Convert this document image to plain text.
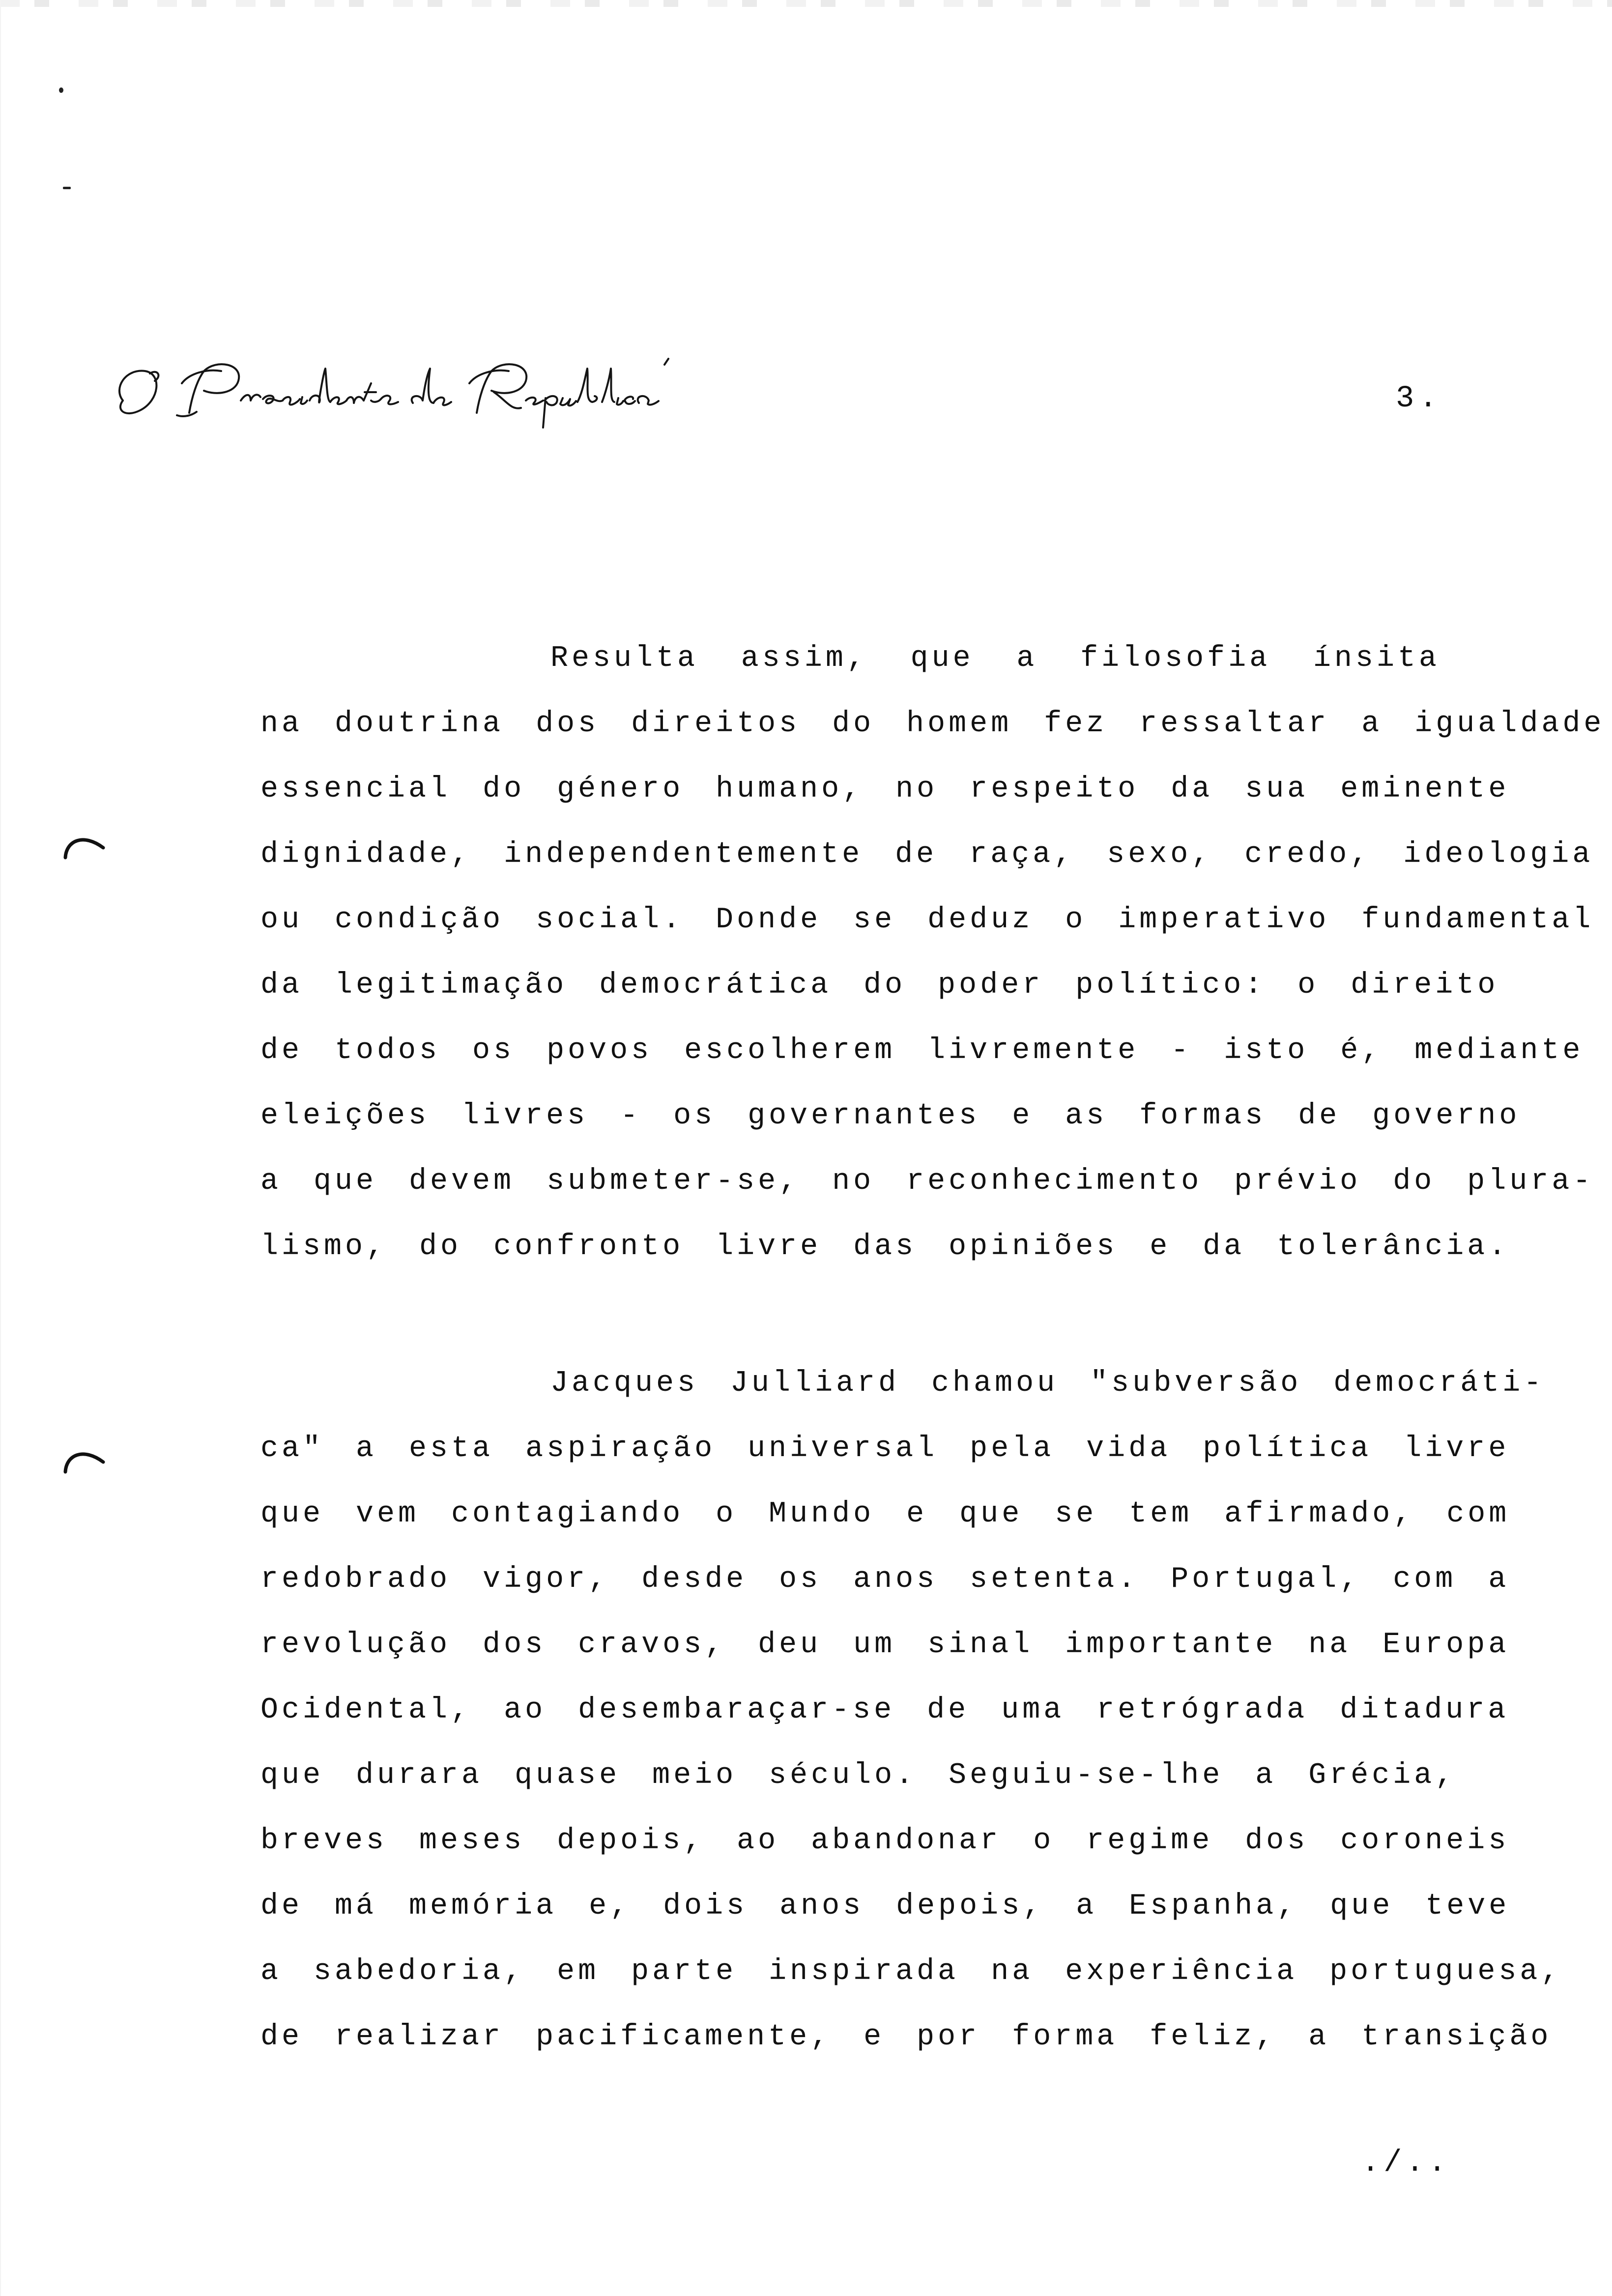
3.
Resulta assim, que a filosofia ínsita
na doutrina dos direitos do homem fez ressaltar a igualdade
essencial do género humano, no respeito da sua eminente
dignidade, independentemente de raça, sexo, credo, ideologia
ou condição social. Donde se deduz o imperativo fundamental
da legitimação democrática do poder político: o direito
de todos os povos escolherem livremente - isto é, mediante
eleições livres - os governantes e as formas de governo
a que devem submeter-se, no reconhecimento prévio do plura-
lismo, do confronto livre das opiniões e da tolerância.
Jacques Julliard chamou "subversão democráti-
ca" a esta aspiração universal pela vida política livre
que vem contagiando o Mundo e que se tem afirmado, com
redobrado vigor, desde os anos setenta. Portugal, com a
revolução dos cravos, deu um sinal importante na Europa
Ocidental, ao desembaraçar-se de uma retrógrada ditadura
que durara quase meio século. Seguiu-se-lhe a Grécia,
breves meses depois, ao abandonar o regime dos coroneis
de má memória e, dois anos depois, a Espanha, que teve
a sabedoria, em parte inspirada na experiência portuguesa,
de realizar pacificamente, e por forma feliz, a transição
./..
